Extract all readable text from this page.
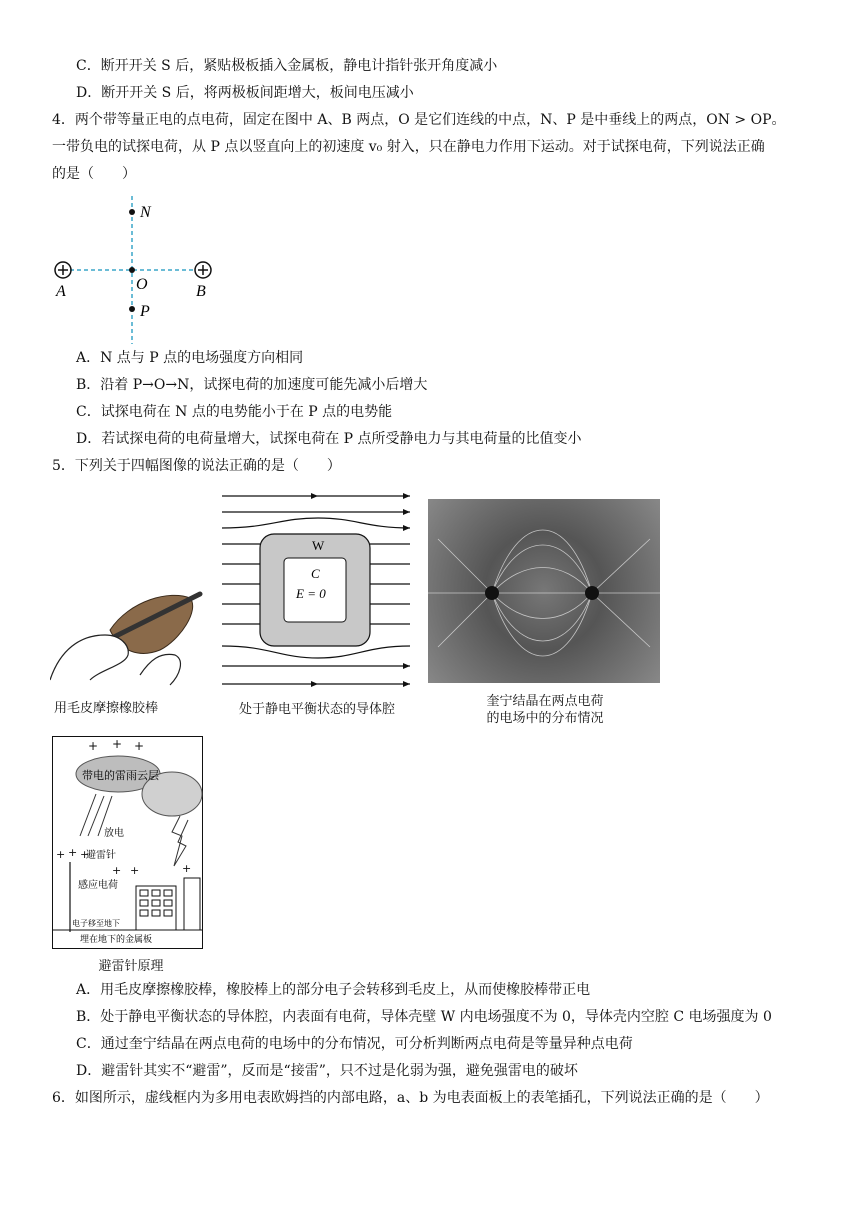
C．断开开关 S 后，紧贴极板插入金属板，静电计指针张开角度减小
D．断开开关 S 后，将两极板间距增大，板间电压减小
4．两个带等量正电的点电荷，固定在图中 A、B 两点，O 是它们连线的中点，N、P 是中垂线上的两点，ON > OP。
一带负电的试探电荷，从 P 点以竖直向上的初速度 v₀ 射入，只在静电力作用下运动。对于试探电荷，下列说法正确
的是（　　）
N
A	O	B
P
A．N 点与 P 点的电场强度方向相同
B．沿着 P→O→N，试探电荷的加速度可能先减小后增大
C．试探电荷在 N 点的电势能小于在 P 点的电势能
D．若试探电荷的电荷量增大，试探电荷在 P 点所受静电力与其电荷量的比值变小
5．下列关于四幅图像的说法正确的是（　　）
用毛皮摩擦橡胶棒
W
C
E = 0
处于静电平衡状态的导体腔
奎宁结晶在两点电荷
的电场中的分布情况
+ + +
带电的雷雨云层
放电
避雷针
+ + +
+ +	+
感应电荷
电子移至地下
埋在地下的金属板
避雷针原理
A．用毛皮摩擦橡胶棒，橡胶棒上的部分电子会转移到毛皮上，从而使橡胶棒带正电
B．处于静电平衡状态的导体腔，内表面有电荷，导体壳壁 W 内电场强度不为 0，导体壳内空腔 C 电场强度为 0
C．通过奎宁结晶在两点电荷的电场中的分布情况，可分析判断两点电荷是等量异种点电荷
D．避雷针其实不“避雷”，反而是“接雷”，只不过是化弱为强，避免强雷电的破坏
6．如图所示，虚线框内为多用电表欧姆挡的内部电路，a、b 为电表面板上的表笔插孔，下列说法正确的是（　　）
